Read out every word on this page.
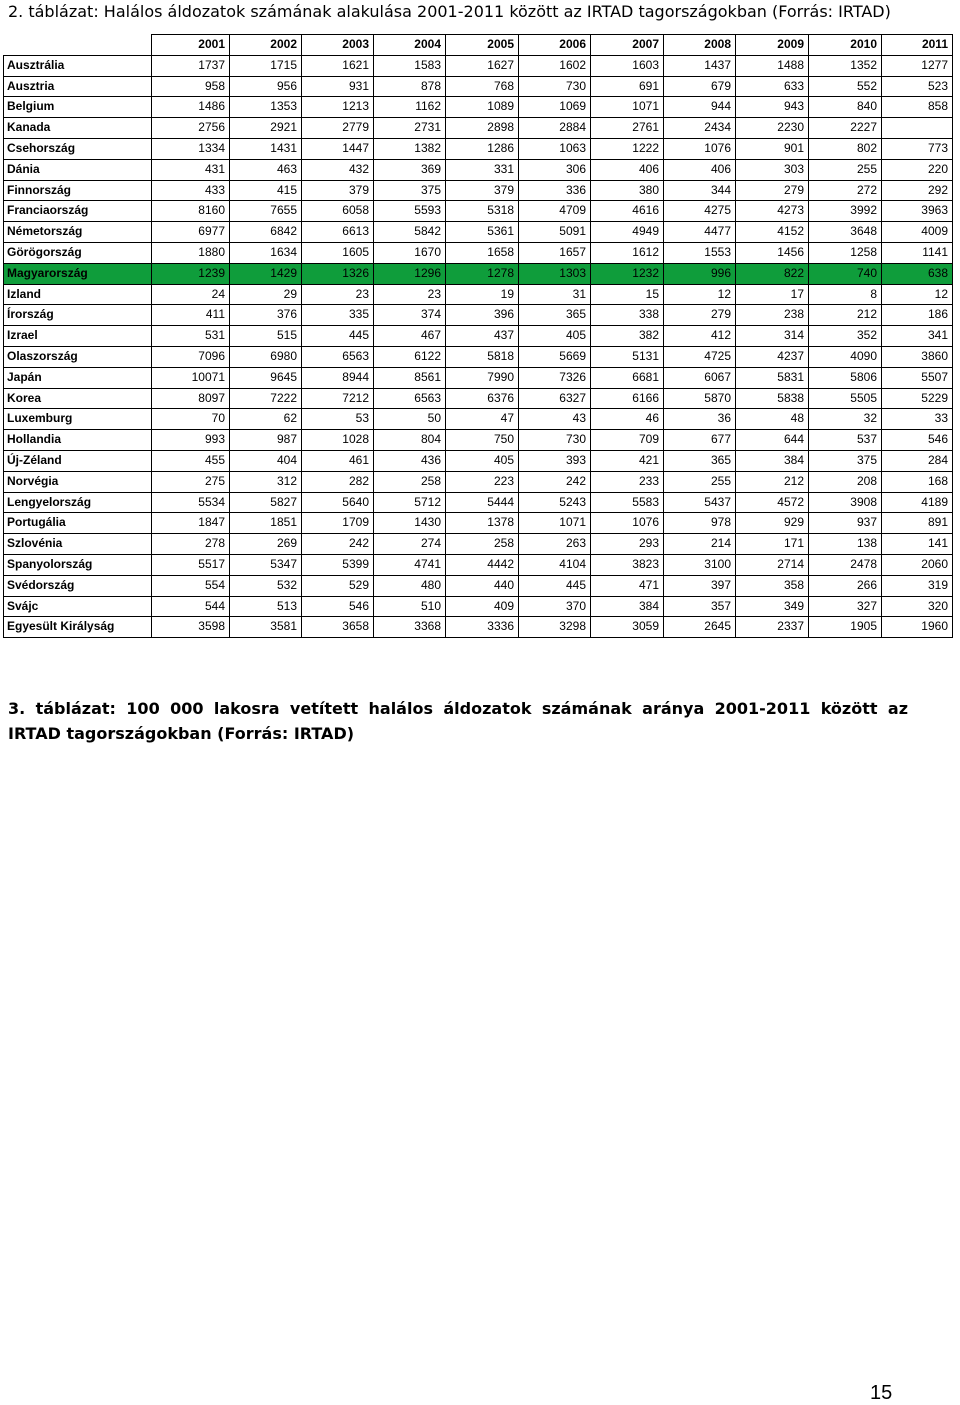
2. táblázat: Halálos áldozatok számának alakulása 2001-2011 között az IRTAD tagországokban (Forrás: IRTAD)
	2001	2002	2003	2004	2005	2006	2007	2008	2009	2010	2011
Ausztrália	1737	1715	1621	1583	1627	1602	1603	1437	1488	1352	1277
Ausztria	958	956	931	878	768	730	691	679	633	552	523
Belgium	1486	1353	1213	1162	1089	1069	1071	944	943	840	858
Kanada	2756	2921	2779	2731	2898	2884	2761	2434	2230	2227	
Csehország	1334	1431	1447	1382	1286	1063	1222	1076	901	802	773
Dánia	431	463	432	369	331	306	406	406	303	255	220
Finnország	433	415	379	375	379	336	380	344	279	272	292
Franciaország	8160	7655	6058	5593	5318	4709	4616	4275	4273	3992	3963
Németország	6977	6842	6613	5842	5361	5091	4949	4477	4152	3648	4009
Görögország	1880	1634	1605	1670	1658	1657	1612	1553	1456	1258	1141
Magyarország	1239	1429	1326	1296	1278	1303	1232	996	822	740	638
Izland	24	29	23	23	19	31	15	12	17	8	12
Írország	411	376	335	374	396	365	338	279	238	212	186
Izrael	531	515	445	467	437	405	382	412	314	352	341
Olaszország	7096	6980	6563	6122	5818	5669	5131	4725	4237	4090	3860
Japán	10071	9645	8944	8561	7990	7326	6681	6067	5831	5806	5507
Korea	8097	7222	7212	6563	6376	6327	6166	5870	5838	5505	5229
Luxemburg	70	62	53	50	47	43	46	36	48	32	33
Hollandia	993	987	1028	804	750	730	709	677	644	537	546
Új-Zéland	455	404	461	436	405	393	421	365	384	375	284
Norvégia	275	312	282	258	223	242	233	255	212	208	168
Lengyelország	5534	5827	5640	5712	5444	5243	5583	5437	4572	3908	4189
Portugália	1847	1851	1709	1430	1378	1071	1076	978	929	937	891
Szlovénia	278	269	242	274	258	263	293	214	171	138	141
Spanyolország	5517	5347	5399	4741	4442	4104	3823	3100	2714	2478	2060
Svédország	554	532	529	480	440	445	471	397	358	266	319
Svájc	544	513	546	510	409	370	384	357	349	327	320
Egyesült Királyság	3598	3581	3658	3368	3336	3298	3059	2645	2337	1905	1960
3. táblázat: 100 000 lakosra vetített halálos áldozatok számának aránya 2001-2011 között az IRTAD tagországokban (Forrás: IRTAD)
15
